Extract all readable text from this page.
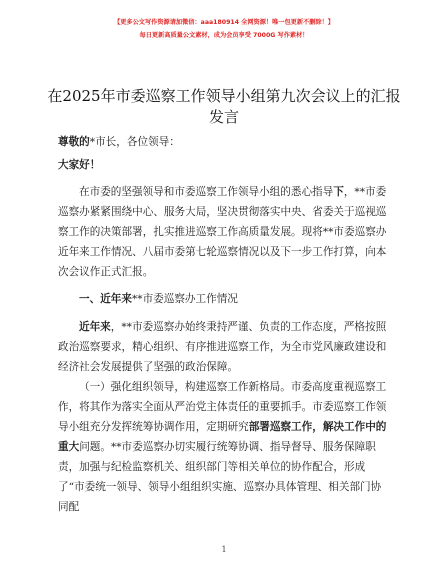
【更多公文写作资源请加微信：aaa180914 全网资源！唯一包更新不删除！】
每日更新高质量公文素材，成为会员享受 7000G 写作素材！
在2025年市委巡察工作领导小组第九次会议上的汇报发言

尊敬的*市长，各位领导：

大家好！

在市委的坚强领导和市委巡察工作领导小组的悉心指导下，**市委巡察办紧紧围绕中心、服务大局，坚决贯彻落实中央、省委关于巡视巡察工作的决策部署，扎实推进巡察工作高质量发展。现将**市委巡察办近年来工作情况、八届市委第七轮巡察情况以及下一步工作打算，向本次会议作正式汇报。

一、近年来**市委巡察办工作情况

近年来，**市委巡察办始终秉持严谨、负责的工作态度，严格按照政治巡察要求，精心组织、有序推进巡察工作，为全市党风廉政建设和经济社会发展提供了坚强的政治保障。

（一）强化组织领导，构建巡察工作新格局。市委高度重视巡察工作，将其作为落实全面从严治党主体责任的重要抓手。市委巡察工作领导小组充分发挥统筹协调作用，定期研究部署巡察工作，解决工作中的重大问题。**市委巡察办切实履行统筹协调、指导督导、服务保障职责，加强与纪检监察机关、组织部门等相关单位的协作配合，形成了“市委统一领导、领导小组组织实施、巡察办具体管理、相关部门协同配

1
